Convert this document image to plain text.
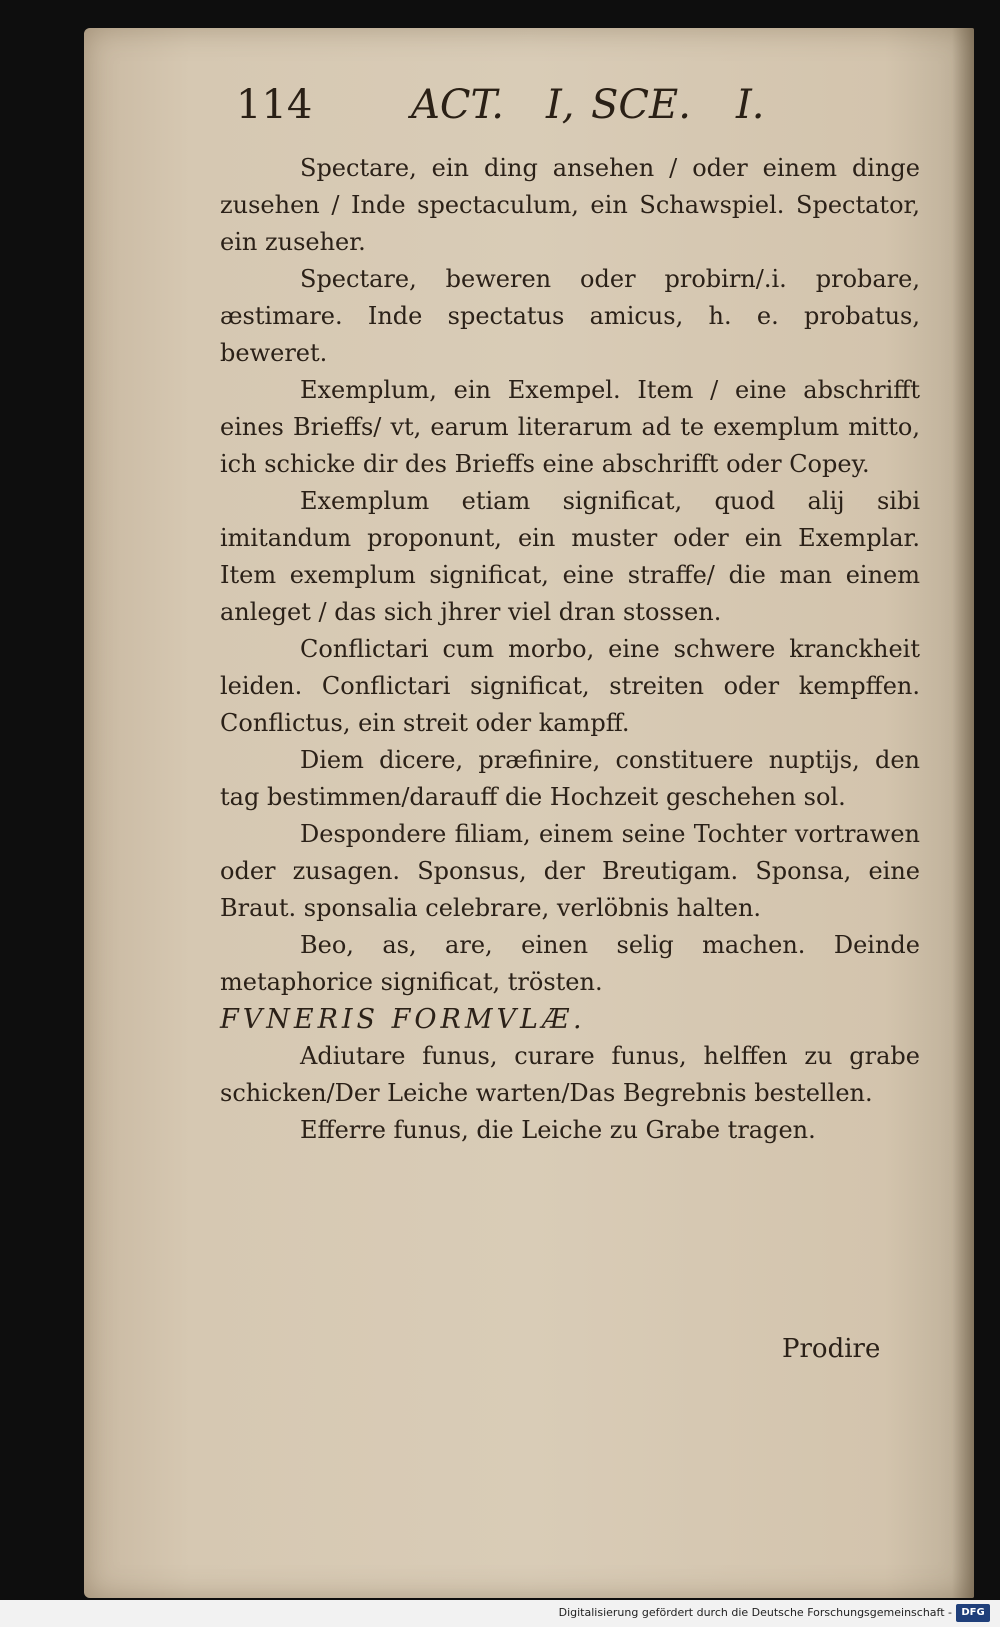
114 ACT. I, SCE. I.

Spectare, ein ding ansehen / oder einem dinge zusehen / Inde spectaculum, ein Schawspiel. Spectator, ein zuseher.

Spectare, beweren oder probirn/.i. probare, æstimare. Inde spectatus amicus, h. e. probatus, beweret.

Exemplum, ein Exempel. Item / eine abschrifft eines Brieffs/ vt, earum literarum ad te exemplum mitto, ich schicke dir des Brieffs eine abschrifft oder Copey.

Exemplum etiam significat, quod alij sibi imitandum proponunt, ein muster oder ein Exemplar. Item exemplum significat, eine straffe/ die man einem anleget / das sich jhrer viel dran stossen.

Conflictari cum morbo, eine schwere kranckheit leiden. Conflictari significat, streiten oder kempffen. Conflictus, ein streit oder kampff.

Diem dicere, præfinire, constituere nuptijs, den tag bestimmen/darauff die Hochzeit geschehen sol.

Despondere filiam, einem seine Tochter vortrawen oder zusagen. Sponsus, der Breutigam. Sponsa, eine Braut. sponsalia celebrare, verlöbnis halten.

Beo, as, are, einen selig machen. Deinde metaphorice significat, trösten.

FVNERIS FORMVLÆ.

Adiutare funus, curare funus, helffen zu grabe schicken/Der Leiche warten/Das Begrebnis bestellen.

Efferre funus, die Leiche zu Grabe tragen.

Prodire
Digitalisierung gefördert durch die Deutsche Forschungsgemeinschaft - DFG
